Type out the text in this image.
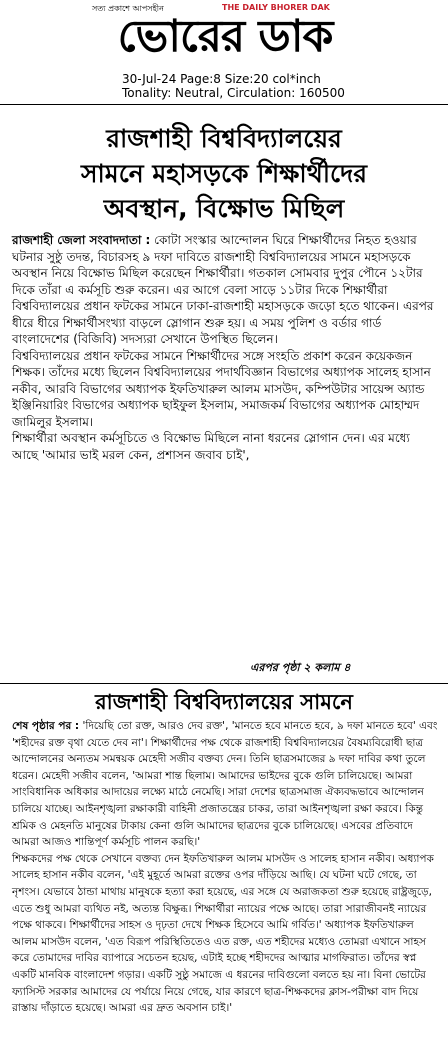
সত্য প্রকাশে আপসহীন	THE DAILY BHORER DAK
ভোরের ডাক
30-Jul-24 Page:8 Size:20 col*inch
Tonality: Neutral, Circulation: 160500
রাজশাহী বিশ্ববিদ্যালয়ের
সামনে মহাসড়কে শিক্ষার্থীদের
অবস্থান, বিক্ষোভ মিছিল

রাজশাহী জেলা সংবাদদাতা : কোটা সংস্কার আন্দোলন ঘিরে শিক্ষার্থীদের নিহত হওয়ার ঘটনার সুষ্ঠু তদন্ত, বিচারসহ ৯ দফা দাবিতে রাজশাহী বিশ্ববিদ্যালয়ের সামনে মহাসড়কে অবস্থান নিয়ে বিক্ষোভ মিছিল করেছেন শিক্ষার্থীরা। গতকাল সোমবার দুপুর পৌনে ১২টার দিকে তাঁরা এ কর্মসূচি শুরু করেন। এর আগে বেলা সাড়ে ১১টার দিকে শিক্ষার্থীরা বিশ্ববিদ্যালয়ের প্রধান ফটকের সামনে ঢাকা-রাজশাহী মহাসড়কে জড়ো হতে থাকেন। এরপর ধীরে ধীরে শিক্ষার্থীসংখ্যা বাড়লে স্লোগান শুরু হয়। এ সময় পুলিশ ও বর্ডার গার্ড বাংলাদেশের (বিজিবি) সদস্যরা সেখানে উপস্থিত ছিলেন।

বিশ্ববিদ্যালয়ের প্রধান ফটকের সামনে শিক্ষার্থীদের সঙ্গে সংহতি প্রকাশ করেন কয়েকজন শিক্ষক। তাঁদের মধ্যে ছিলেন বিশ্ববিদ্যালয়ের পদার্থবিজ্ঞান বিভাগের অধ্যাপক সালেহ হাসান নকীব, আরবি বিভাগের অধ্যাপক ইফতিখারুল আলম মাসউদ, কম্পিউটার সায়েন্স অ্যান্ড ইঞ্জিনিয়ারিং বিভাগের অধ্যাপক ছাইফুল ইসলাম, সমাজকর্ম বিভাগের অধ্যাপক মোহাম্মদ জামিলুর ইসলাম।

শিক্ষার্থীরা অবস্থান কর্মসূচিতে ও বিক্ষোভ মিছিলে নানা ধরনের স্লোগান দেন। এর মধ্যে আছে 'আমার ভাই মরল কেন, প্রশাসন জবাব চাই',

এরপর পৃষ্ঠা ২ কলাম ৪
রাজশাহী বিশ্ববিদ্যালয়ের সামনে

শেষ পৃষ্ঠার পর : 'দিয়েছি তো রক্ত, আরও দেব রক্ত', 'মানতে হবে মানতে হবে, ৯ দফা মানতে হবে' এবং 'শহীদের রক্ত বৃথা যেতে দেব না'। শিক্ষার্থীদের পক্ষ থেকে রাজশাহী বিশ্ববিদ্যালয়ের বৈষম্যবিরোধী ছাত্র আন্দোলনের অন্যতম সমন্বয়ক মেহেদী সজীব বক্তব্য দেন। তিনি ছাত্রসমাজের ৯ দফা দাবির কথা তুলে ধরেন। মেহেদী সজীব বলেন, 'আমরা শান্ত ছিলাম। আমাদের ভাইদের বুকে গুলি চালিয়েছে। আমরা সাংবিধানিক অধিকার আদায়ের লক্ষ্যে মাঠে নেমেছি। সারা দেশের ছাত্রসমাজ ঐক্যবদ্ধভাবে আন্দোলন চালিয়ে যাচ্ছে। আইনশৃঙ্খলা রক্ষাকারী বাহিনী প্রজাতন্ত্রের চাকর, তারা আইনশৃঙ্খলা রক্ষা করবে। কিন্তু শ্রমিক ও মেহনতি মানুষের টাকায় কেনা গুলি আমাদের ছাত্রদের বুকে চালিয়েছে। এসবের প্রতিবাদে আমরা আজও শান্তিপূর্ণ কর্মসূচি পালন করছি।'

শিক্ষকদের পক্ষ থেকে সেখানে বক্তব্য দেন ইফতিখারুল আলম মাসউদ ও সালেহ হাসান নকীব। অধ্যাপক সালেহ হাসান নকীব বলেন, 'এই মুহূর্তে আমরা রক্তের ওপর দাঁড়িয়ে আছি। যে ঘটনা ঘটে গেছে, তা নৃশংস। যেভাবে ঠান্ডা মাথায় মানুষকে হত্যা করা হয়েছে, এর সঙ্গে যে অরাজকতা শুরু হয়েছে রাষ্ট্রজুড়ে, এতে শুধু আমরা ব্যথিত নই, অত্যন্ত বিক্ষুব্ধ। শিক্ষার্থীরা ন্যায়ের পক্ষে আছে। তারা সারাজীবনই ন্যায়ের পক্ষে থাকবে। শিক্ষার্থীদের সাহস ও দৃঢ়তা দেখে শিক্ষক হিসেবে আমি গর্বিত।' অধ্যাপক ইফতিখারুল আলম মাসউদ বলেন, 'এত বিরূপ পরিস্থিতিতেও এত রক্ত, এত শহীদের মধ্যেও তোমরা এখানে সাহস করে তোমাদের দাবির ব্যাপারে সচেতন হয়েছ, এটাই হচ্ছে শহীদদের আত্মার মাগফিরাত। তাঁদের স্বপ্ন একটি মানবিক বাংলাদেশ গড়ার। একটি সুষ্ঠু সমাজে এ ধরনের দাবিগুলো বলতে হয় না। বিনা ভোটের ফ্যাসিস্ট সরকার আমাদের যে পর্যায়ে নিয়ে গেছে, যার কারণে ছাত্র-শিক্ষকদের ক্লাস-পরীক্ষা বাদ দিয়ে রাস্তায় দাঁড়াতে হয়েছে। আমরা এর দ্রুত অবসান চাই।'
